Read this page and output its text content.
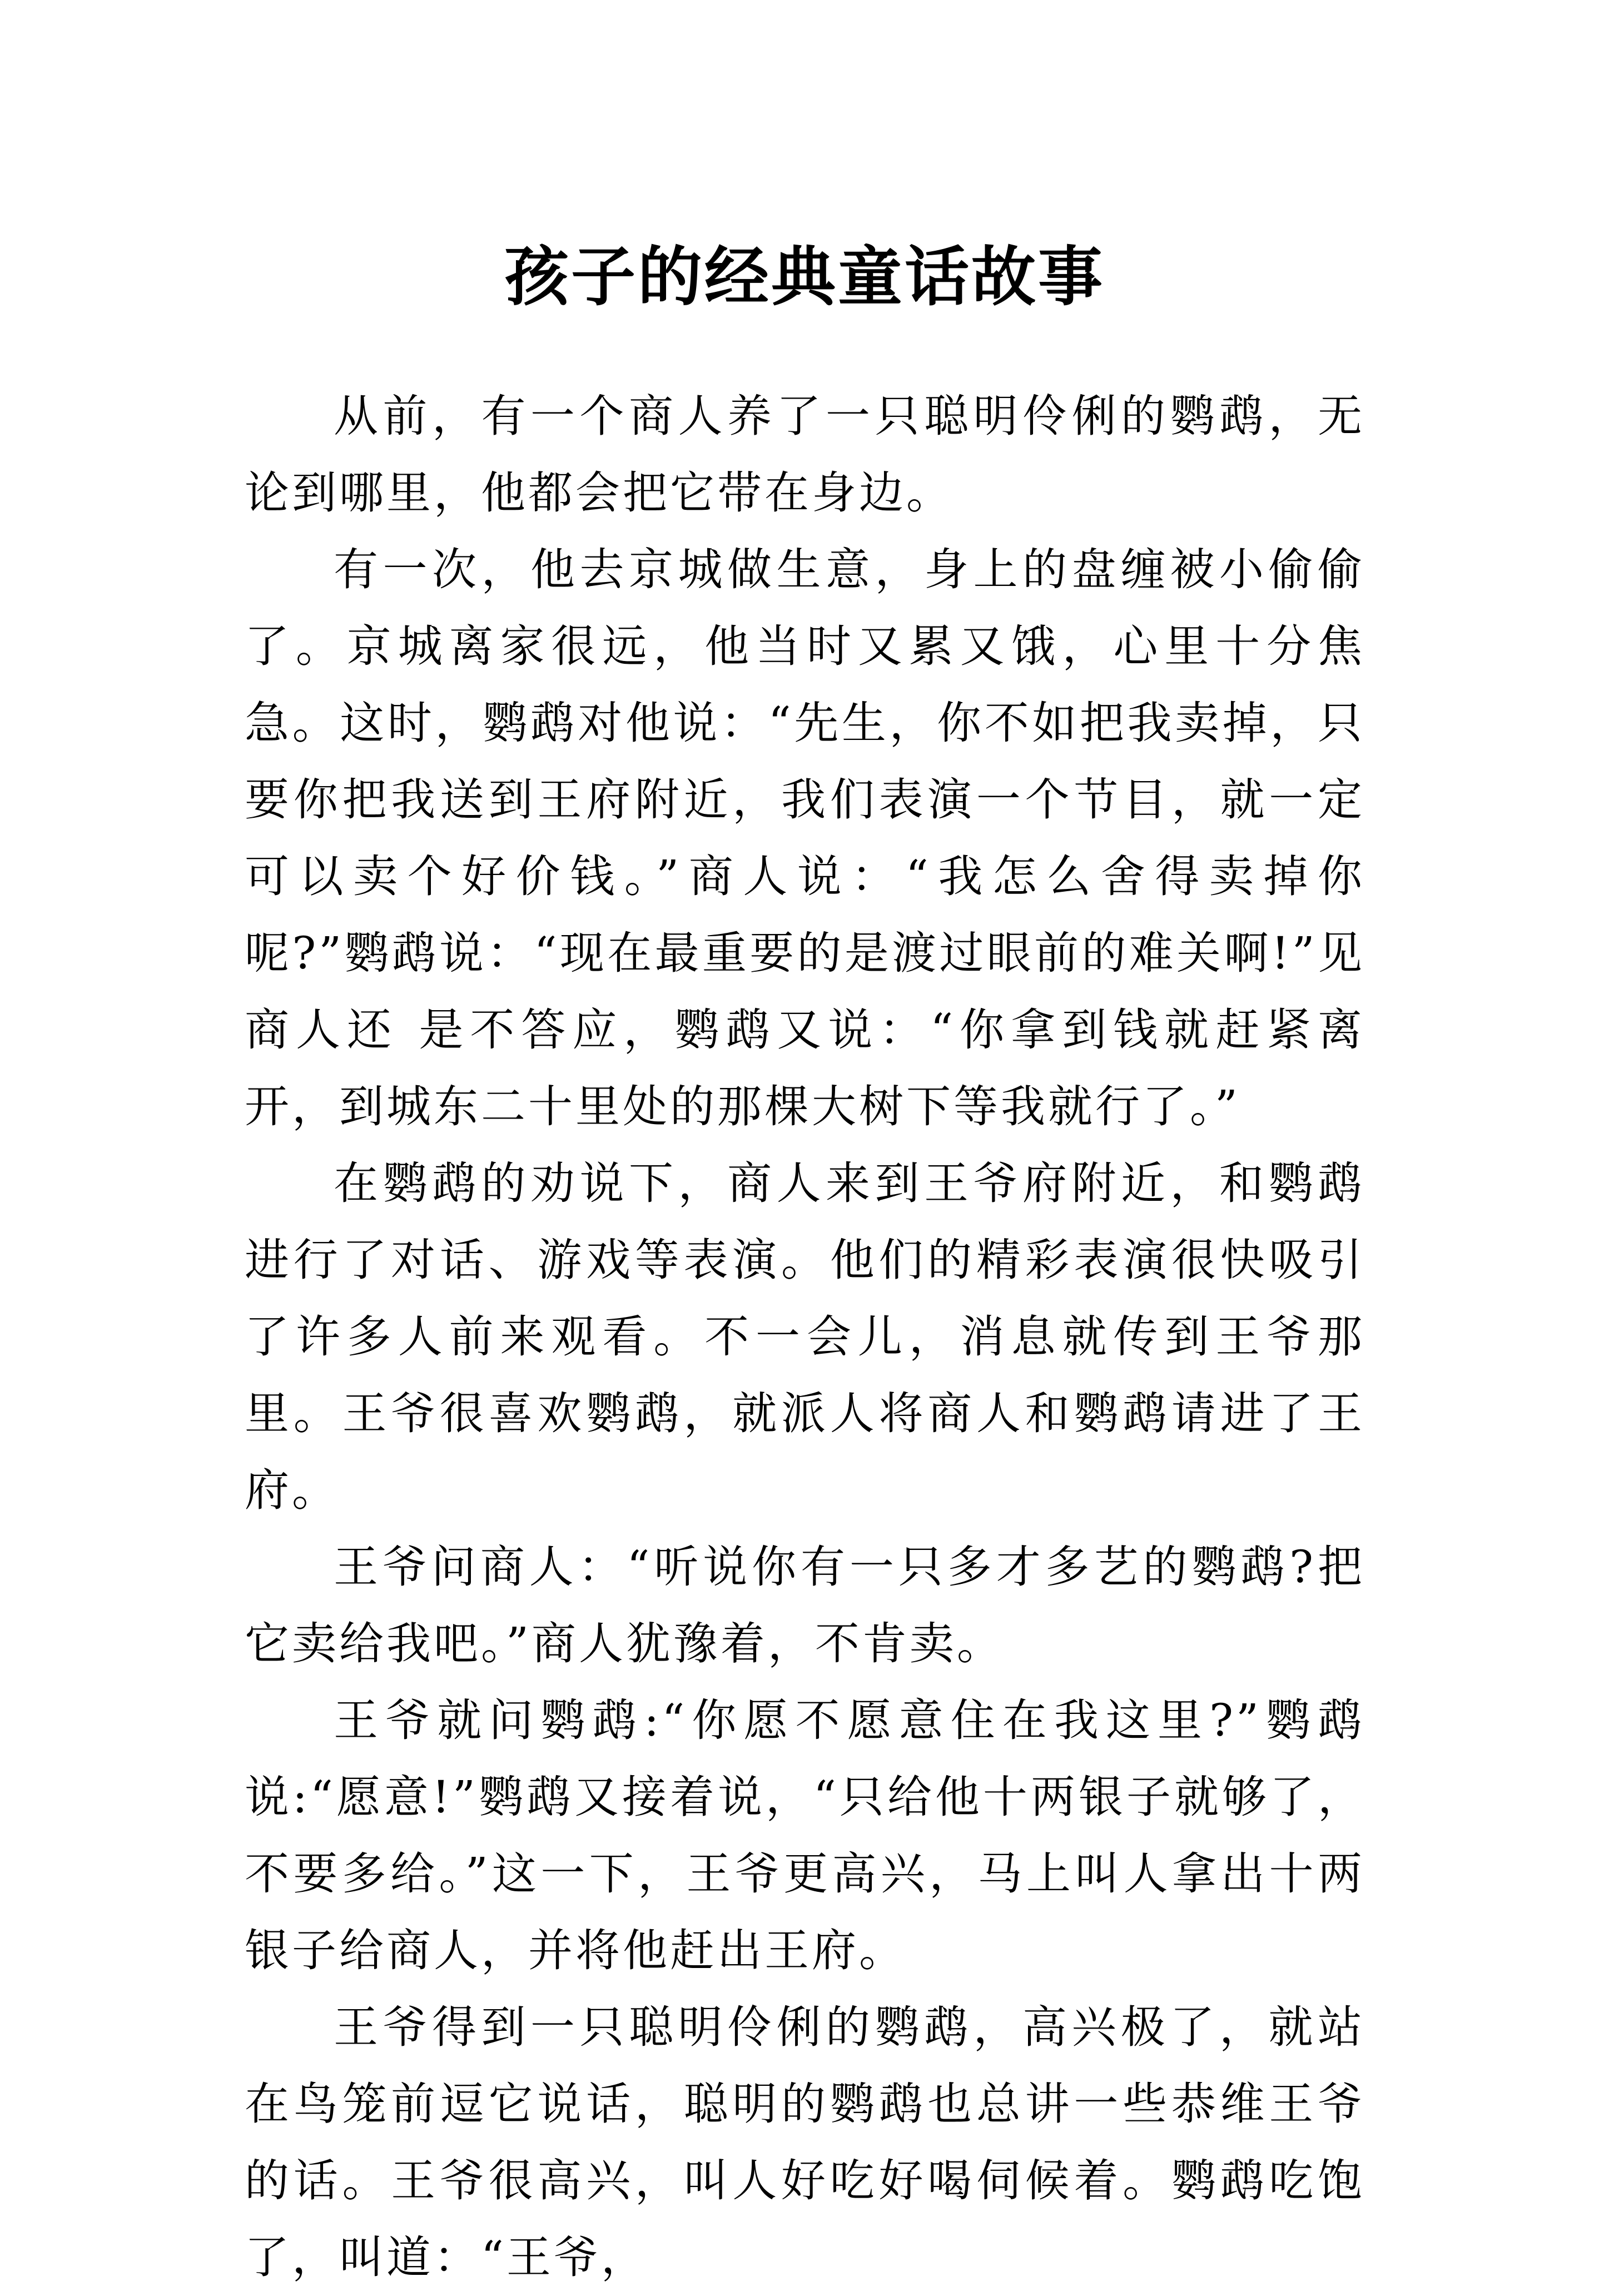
孩子的经典童话故事

从前，有一个商人养了一只聪明伶俐的鹦鹉，无论到哪里，他都会把它带在身边。

有一次，他去京城做生意，身上的盘缠被小偷偷了。京城离家很远，他当时又累又饿，心里十分焦急。这时，鹦鹉对他说：“先生，你不如把我卖掉，只要你把我送到王府附近，我们表演一个节目，就一定可以卖个好价钱。”商人说：“我怎么舍得卖掉你呢?”鹦鹉说：“现在最重要的是渡过眼前的难关啊!”见商人还 是不答应，鹦鹉又说：“你拿到钱就赶紧离开，到城东二十里处的那棵大树下等我就行了。”

在鹦鹉的劝说下，商人来到王爷府附近，和鹦鹉进行了对话、游戏等表演。他们的精彩表演很快吸引了许多人前来观看。不一会儿，消息就传到王爷那里。王爷很喜欢鹦鹉，就派人将商人和鹦鹉请进了王府。

王爷问商人：“听说你有一只多才多艺的鹦鹉?把它卖给我吧。”商人犹豫着，不肯卖。

王爷就问鹦鹉:“你愿不愿意住在我这里?”鹦鹉说:“愿意!”鹦鹉又接着说，“只给他十两银子就够了，不要多给。”这一下，王爷更高兴，马上叫人拿出十两银子给商人，并将他赶出王府。

王爷得到一只聪明伶俐的鹦鹉，高兴极了，就站在鸟笼前逗它说话，聪明的鹦鹉也总讲一些恭维王爷的话。王爷很高兴，叫人好吃好喝伺候着。鹦鹉吃饱了，叫道：“王爷，
